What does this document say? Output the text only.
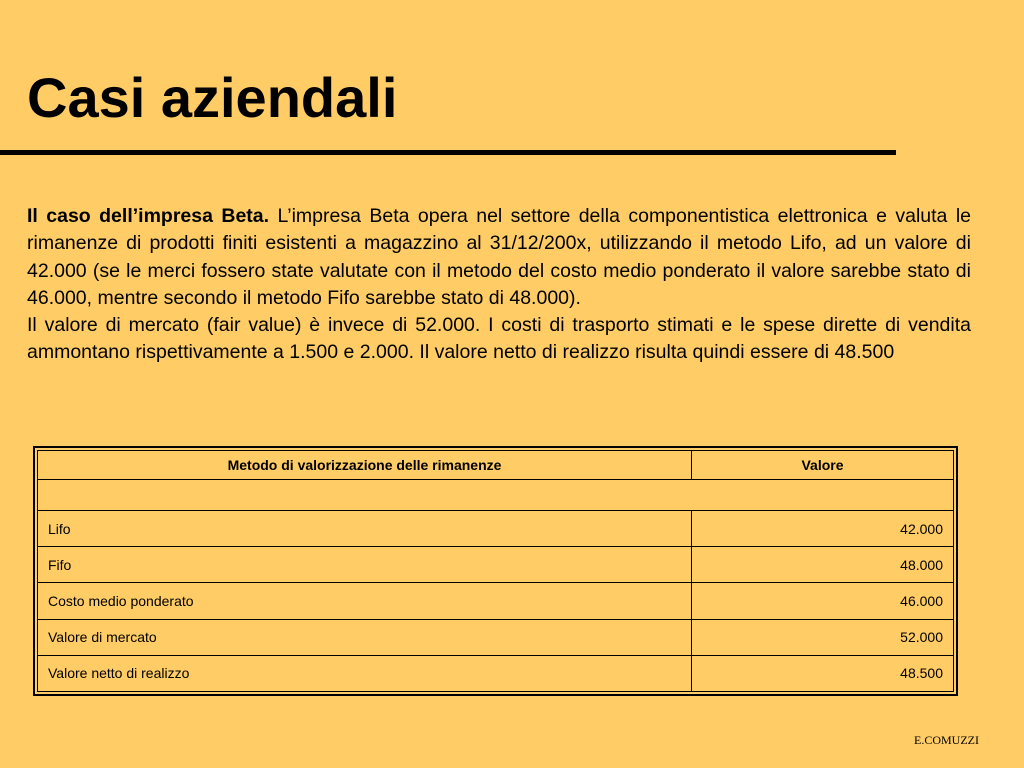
Casi aziendali

Il caso dell’impresa Beta. L’impresa Beta opera nel settore della componentistica elettronica e valuta le rimanenze di prodotti finiti esistenti a magazzino al 31/12/200x, utilizzando il metodo Lifo, ad un valore di 42.000 (se le merci fossero state valutate con il metodo del costo medio ponderato il valore sarebbe stato di 46.000, mentre secondo il metodo Fifo sarebbe stato di 48.000).

Il valore di mercato (fair value) è invece di 52.000. I costi di trasporto stimati e le spese dirette di vendita ammontano rispettivamente a 1.500 e 2.000. Il valore netto di realizzo risulta quindi essere di 48.500

Metodo di valorizzazione delle rimanenze	Valore

Lifo	42.000
Fifo	48.000
Costo medio ponderato	46.000
Valore di mercato	52.000
Valore netto di realizzo	48.500
E.COMUZZI
